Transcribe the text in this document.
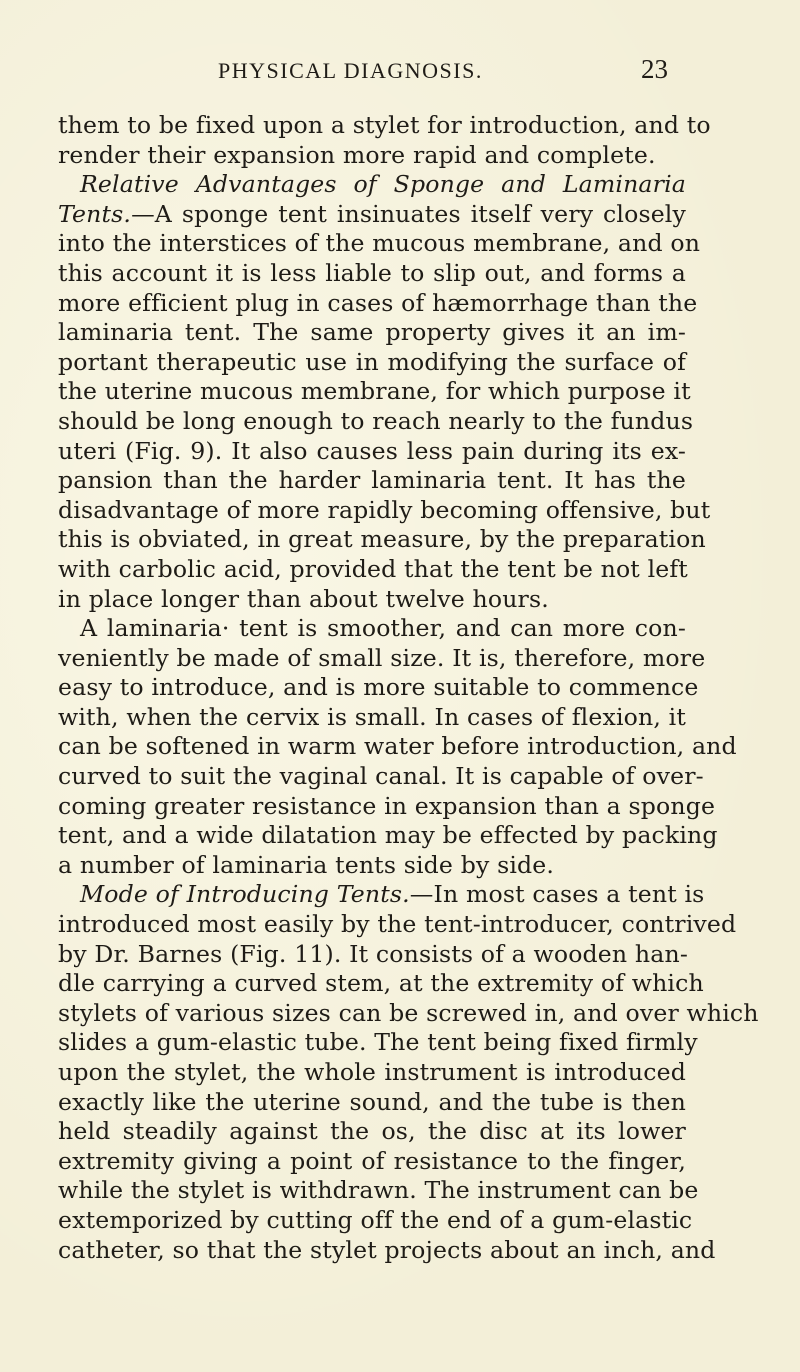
PHYSICAL DIAGNOSIS.	23
them to be fixed upon a stylet for introduction, and to
render their expansion more rapid and complete.
Relative Advantages of Sponge and Laminaria
Tents.—A sponge tent insinuates itself very closely
into the interstices of the mucous membrane, and on
this account it is less liable to slip out, and forms a
more efficient plug in cases of hæmorrhage than the
laminaria tent. The same property gives it an im-
portant therapeutic use in modifying the surface of
the uterine mucous membrane, for which purpose it
should be long enough to reach nearly to the fundus
uteri (Fig. 9). It also causes less pain during its ex-
pansion than the harder laminaria tent. It has the
disadvantage of more rapidly becoming offensive, but
this is obviated, in great measure, by the preparation
with carbolic acid, provided that the tent be not left
in place longer than about twelve hours.
A laminaria· tent is smoother, and can more con-
veniently be made of small size. It is, therefore, more
easy to introduce, and is more suitable to commence
with, when the cervix is small. In cases of flexion, it
can be softened in warm water before introduction, and
curved to suit the vaginal canal. It is capable of over-
coming greater resistance in expansion than a sponge
tent, and a wide dilatation may be effected by packing
a number of laminaria tents side by side.
Mode of Introducing Tents.—In most cases a tent is
introduced most easily by the tent-introducer, contrived
by Dr. Barnes (Fig. 11). It consists of a wooden han-
dle carrying a curved stem, at the extremity of which
stylets of various sizes can be screwed in, and over which
slides a gum-elastic tube. The tent being fixed firmly
upon the stylet, the whole instrument is introduced
exactly like the uterine sound, and the tube is then
held steadily against the os, the disc at its lower
extremity giving a point of resistance to the finger,
while the stylet is withdrawn. The instrument can be
extemporized by cutting off the end of a gum-elastic
catheter, so that the stylet projects about an inch, and
